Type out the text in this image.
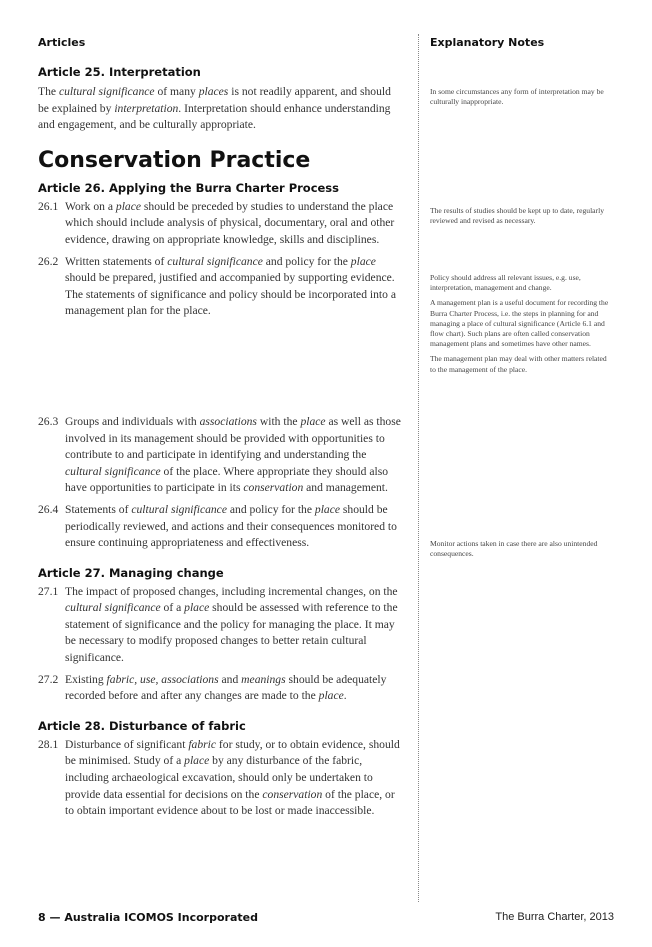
Articles

Article 25. Interpretation

The cultural significance of many places is not readily apparent, and should be explained by interpretation. Interpretation should enhance understanding and engagement, and be culturally appropriate.

Conservation Practice

Article 26. Applying the Burra Charter Process

26.1 Work on a place should be preceded by studies to understand the place which should include analysis of physical, documentary, oral and other evidence, drawing on appropriate knowledge, skills and disciplines.

26.2 Written statements of cultural significance and policy for the place should be prepared, justified and accompanied by supporting evidence. The statements of significance and policy should be incorporated into a management plan for the place.

26.3 Groups and individuals with associations with the place as well as those involved in its management should be provided with opportunities to contribute to and participate in identifying and understanding the cultural significance of the place. Where appropriate they should also have opportunities to participate in its conservation and management.

26.4 Statements of cultural significance and policy for the place should be periodically reviewed, and actions and their consequences monitored to ensure continuing appropriateness and effectiveness.

Article 27. Managing change

27.1 The impact of proposed changes, including incremental changes, on the cultural significance of a place should be assessed with reference to the statement of significance and the policy for managing the place. It may be necessary to modify proposed changes to better retain cultural significance.

27.2 Existing fabric, use, associations and meanings should be adequately recorded before and after any changes are made to the place.

Article 28. Disturbance of fabric

28.1 Disturbance of significant fabric for study, or to obtain evidence, should be minimised. Study of a place by any disturbance of the fabric, including archaeological excavation, should only be undertaken to provide data essential for decisions on the conservation of the place, or to obtain important evidence about to be lost or made inaccessible.

Explanatory Notes

In some circumstances any form of interpretation may be culturally inappropriate.

The results of studies should be kept up to date, regularly reviewed and revised as necessary.

Policy should address all relevant issues, e.g. use, interpretation, management and change.

A management plan is a useful document for recording the Burra Charter Process, i.e. the steps in planning for and managing a place of cultural significance (Article 6.1 and flow chart). Such plans are often called conservation management plans and sometimes have other names.

The management plan may deal with other matters related to the management of the place.

Monitor actions taken in case there are also unintended consequences.

8 — Australia ICOMOS Incorporated	The Burra Charter, 2013
